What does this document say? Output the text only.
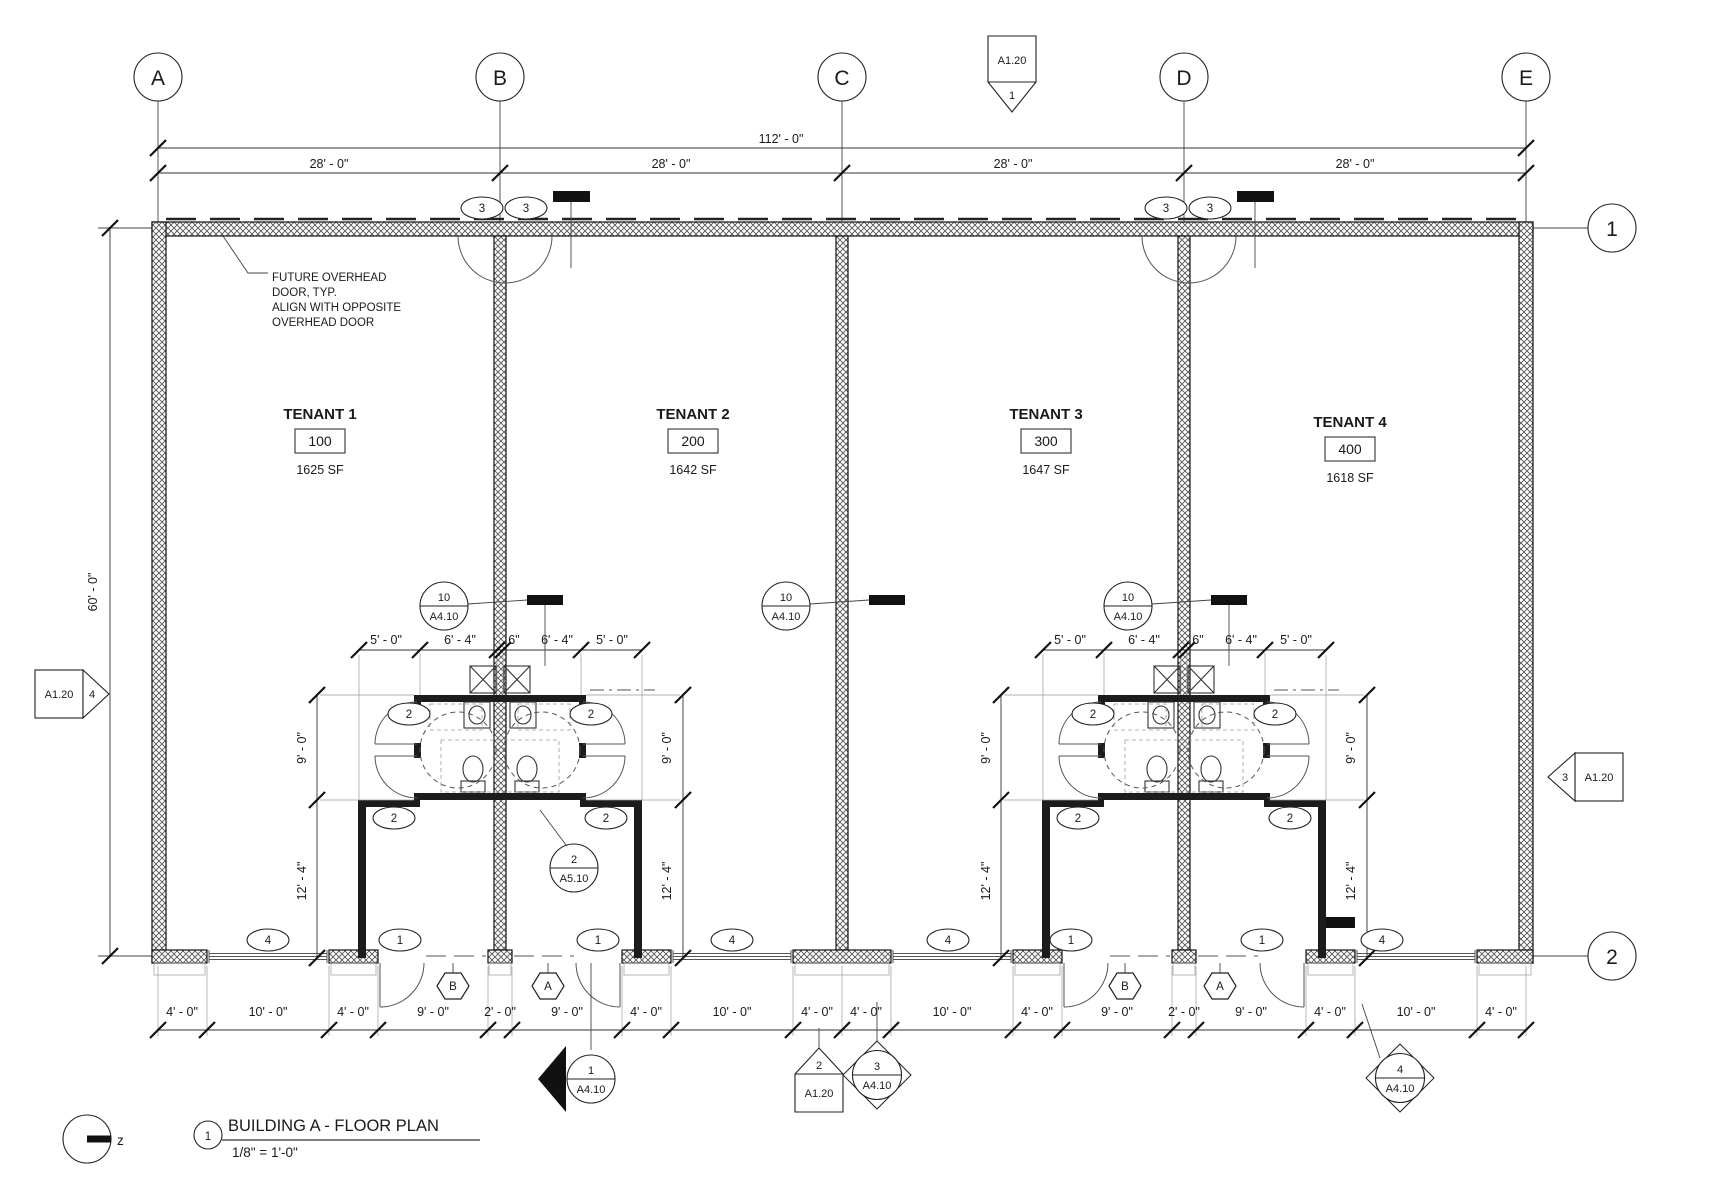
A	B	C	D	E
1
2
112' - 0"
28' - 0"	28' - 0"	28' - 0"	28' - 0"
60' - 0"
3	3	3	3
2	2
2	2
2	2
2	2
5' - 0"	6' - 4"	6" 6' - 4" 5' - 0"	5' - 0"	6' - 4"	6" 6' - 4" 5' - 0"
9' - 0"	9' - 0"	9' - 0"	9' - 0"
12' - 4"	12' - 4"	12' - 4"	12' - 4"
4' - 0"	10' - 0"	4' - 0"	9' - 0"	2' - 0"	9' - 0"	4' - 0"	10' - 0"	4' - 0" 4' - 0"	10' - 0"	4' - 0"	9' - 0"	2' - 0"	9' - 0"	4' - 0"	10' - 0"	4' - 0"
4	4	4	4
1	1	1	1
B	A	B	A
TENANT 1
100
1625 SF
TENANT 2
200
1642 SF
TENANT 3
300
1647 SF
TENANT 4
400
1618 SF
FUTURE OVERHEAD
DOOR, TYP.
ALIGN WITH OPPOSITE
OVERHEAD DOOR
10
A4.10
10
A4.10
10
A4.10
2
A5.10
A1.20
1
A1.20 4
3 A1.20
2
A1.20
1
A4.10
3
A4.10
4
A4.10
z	1
BUILDING A - FLOOR PLAN
1/8" = 1'-0"
